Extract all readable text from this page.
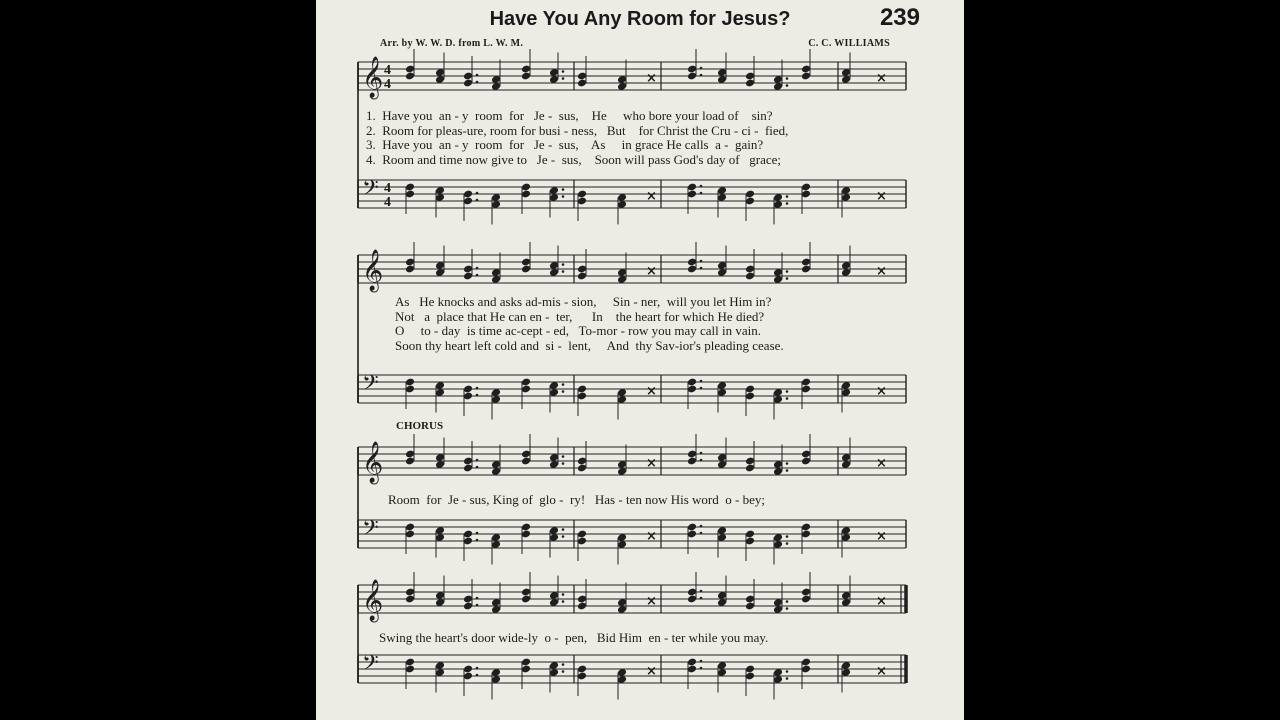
Have You Any Room for Jesus?	239
Arr. by W. W. D. from L. W. M.	C. C. WILLIAMS
𝄞
𝄢
4
4
4
4
×
×
×
×
𝄞
𝄢
×
×
×
×
𝄞
𝄢
×
×
×
×
𝄞
𝄢
×
×
×
×
1.  Have you  an - y  room  for   Je -  sus,    He     who bore your load of    sin?
2.  Room for pleas-ure, room for busi - ness,   But    for Christ the Cru - ci -  fied,
3.  Have you  an - y  room  for   Je -  sus,    As     in grace He calls  a -  gain?
4.  Room and time now give to   Je -  sus,    Soon will pass God's day of   grace;
As   He knocks and asks ad-mis - sion,     Sin - ner,  will you let Him in?
Not   a  place that He can en -  ter,      In    the heart for which He died?
O     to - day  is time ac-cept - ed,   To-mor - row you may call in vain.
Soon thy heart left cold and  si -  lent,     And  thy Sav-ior's pleading cease.
CHORUS
Room  for  Je - sus, King of  glo -  ry!   Has - ten now His word  o - bey;
Swing the heart's door wide-ly  o -  pen,   Bid Him  en - ter while you may.
